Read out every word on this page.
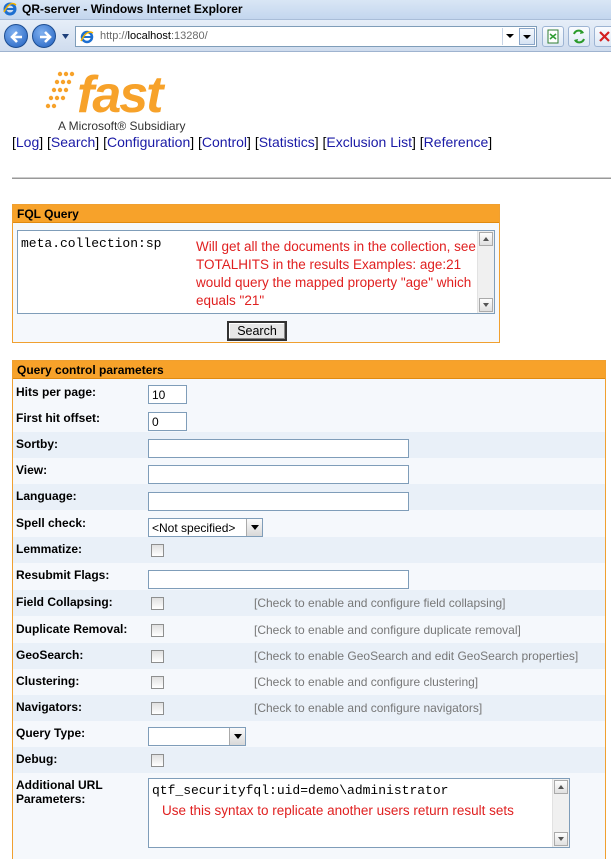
QR-server - Windows Internet Explorer
http://localhost:13280/
fast
A Microsoft® Subsidiary
[Log] [Search] [Configuration] [Control] [Statistics] [Exclusion List] [Reference]
FQL Query
meta.collection:sp	Will get all the documents in the collection, see TOTALHITS in the results Examples: age:21 would query the mapped property "age" which equals "21"
Search
Query control parameters
Hits per page:	10
First hit offset:	0
Sortby:
View:
Language:
Spell check:	<Not specified>
Lemmatize:
Resubmit Flags:
Field Collapsing:	[Check to enable and configure field collapsing]
Duplicate Removal:	[Check to enable and configure duplicate removal]
GeoSearch:	[Check to enable GeoSearch and edit GeoSearch properties]
Clustering:	[Check to enable and configure clustering]
Navigators:	[Check to enable and configure navigators]
Query Type:
Debug:
Additional URL
Parameters:
qtf_securityfql:uid=demo\administrator
Use this syntax to replicate another users return result sets
